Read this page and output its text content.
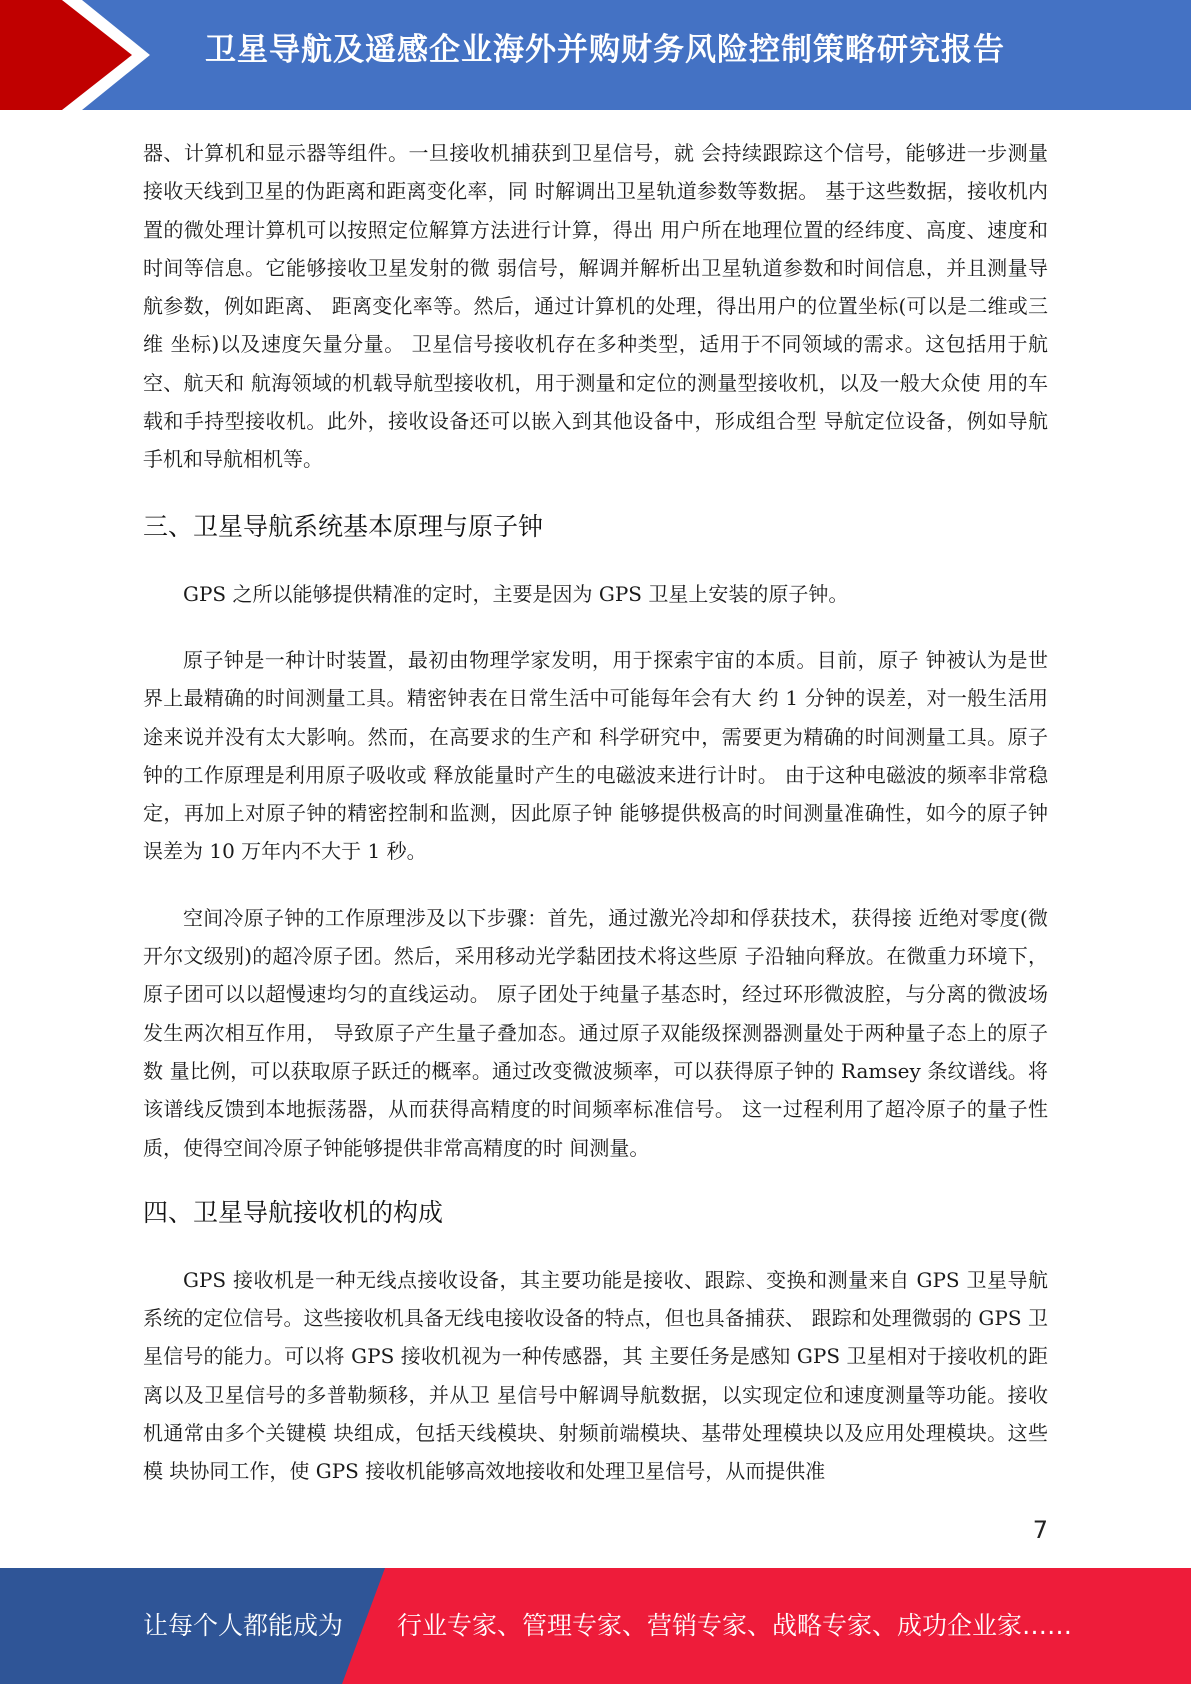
卫星导航及遥感企业海外并购财务风险控制策略研究报告

器、计算机和显示器等组件。一旦接收机捕获到卫星信号，就 会持续跟踪这个信号，能够进一步测量接收天线到卫星的伪距离和距离变化率，同 时解调出卫星轨道参数等数据。 基于这些数据，接收机内置的微处理计算机可以按照定位解算方法进行计算，得出 用户所在地理位置的经纬度、高度、速度和时间等信息。它能够接收卫星发射的微 弱信号，解调并解析出卫星轨道参数和时间信息，并且测量导航参数，例如距离、 距离变化率等。然后，通过计算机的处理，得出用户的位置坐标(可以是二维或三维 坐标)以及速度矢量分量。 卫星信号接收机存在多种类型，适用于不同领域的需求。这包括用于航空、航天和 航海领域的机载导航型接收机，用于测量和定位的测量型接收机，以及一般大众使 用的车载和手持型接收机。此外，接收设备还可以嵌入到其他设备中，形成组合型 导航定位设备，例如导航手机和导航相机等。

三、卫星导航系统基本原理与原子钟

GPS 之所以能够提供精准的定时，主要是因为 GPS 卫星上安装的原子钟。

原子钟是一种计时装置，最初由物理学家发明，用于探索宇宙的本质。目前，原子 钟被认为是世界上最精确的时间测量工具。精密钟表在日常生活中可能每年会有大 约 1 分钟的误差，对一般生活用途来说并没有太大影响。然而，在高要求的生产和 科学研究中，需要更为精确的时间测量工具。原子钟的工作原理是利用原子吸收或 释放能量时产生的电磁波来进行计时。 由于这种电磁波的频率非常稳定，再加上对原子钟的精密控制和监测，因此原子钟 能够提供极高的时间测量准确性，如今的原子钟误差为 10 万年内不大于 1 秒。

空间冷原子钟的工作原理涉及以下步骤：首先，通过激光冷却和俘获技术，获得接 近绝对零度(微开尔文级别)的超冷原子团。然后，采用移动光学黏团技术将这些原 子沿轴向释放。在微重力环境下，原子团可以以超慢速均匀的直线运动。 原子团处于纯量子基态时，经过环形微波腔，与分离的微波场发生两次相互作用， 导致原子产生量子叠加态。通过原子双能级探测器测量处于两种量子态上的原子数 量比例，可以获取原子跃迁的概率。通过改变微波频率，可以获得原子钟的 Ramsey 条纹谱线。将该谱线反馈到本地振荡器，从而获得高精度的时间频率标准信号。 这一过程利用了超冷原子的量子性质，使得空间冷原子钟能够提供非常高精度的时 间测量。

四、卫星导航接收机的构成

GPS 接收机是一种无线点接收设备，其主要功能是接收、跟踪、变换和测量来自 GPS 卫星导航系统的定位信号。这些接收机具备无线电接收设备的特点，但也具备捕获、 跟踪和处理微弱的 GPS 卫星信号的能力。可以将 GPS 接收机视为一种传感器，其 主要任务是感知 GPS 卫星相对于接收机的距离以及卫星信号的多普勒频移，并从卫 星信号中解调导航数据，以实现定位和速度测量等功能。接收机通常由多个关键模 块组成，包括天线模块、射频前端模块、基带处理模块以及应用处理模块。这些模 块协同工作，使 GPS 接收机能够高效地接收和处理卫星信号，从而提供准

7
让每个人都能成为 行业专家、管理专家、营销专家、战略专家、成功企业家……
